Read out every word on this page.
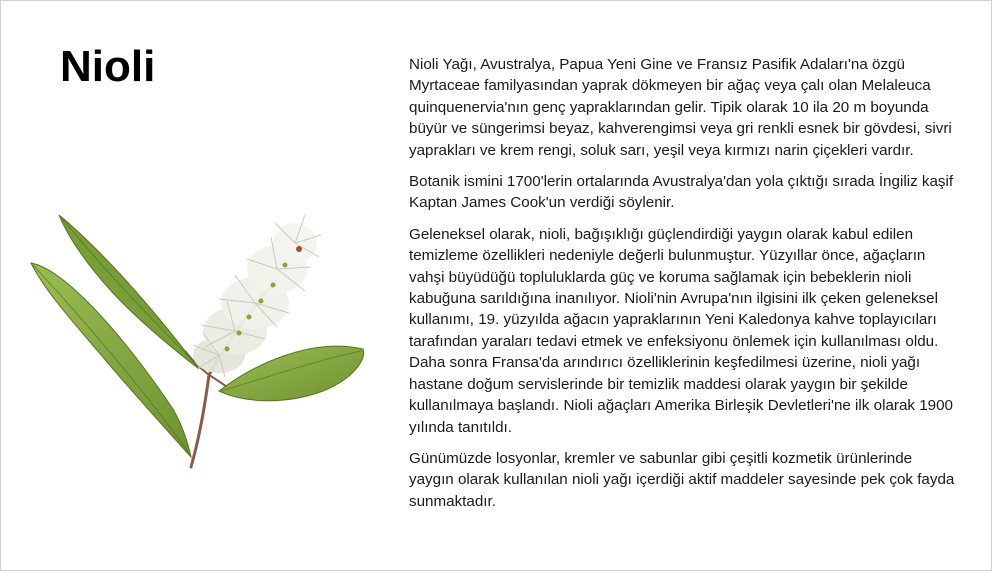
Nioli	Nioli Yağı, Avustralya, Papua Yeni Gine ve Fransız Pasifik Adaları'na özgü Myrtaceae familyasından yaprak dökmeyen bir ağaç veya çalı olan Melaleuca quinquenervia'nın genç yapraklarından gelir. Tipik olarak 10 ila 20 m boyunda büyür ve süngerimsi beyaz, kahverengimsi veya gri renkli esnek bir gövdesi, sivri yaprakları ve krem rengi, soluk sarı, yeşil veya kırmızı narin çiçekleri vardır.

Botanik ismini 1700'lerin ortalarında Avustralya'dan yola çıktığı sırada İngiliz kaşif Kaptan James Cook'un verdiği söylenir.

Geleneksel olarak, nioli, bağışıklığı güçlendirdiği yaygın olarak kabul edilen temizleme özellikleri nedeniyle değerli bulunmuştur. Yüzyıllar önce, ağaçların vahşi büyüdüğü topluluklarda güç ve koruma sağlamak için bebeklerin nioli kabuğuna sarıldığına inanılıyor. Nioli'nin Avrupa'nın ilgisini ilk çeken geleneksel kullanımı, 19. yüzyılda ağacın yapraklarının Yeni Kaledonya kahve toplayıcıları tarafından yaraları tedavi etmek ve enfeksiyonu önlemek için kullanılması oldu. Daha sonra Fransa'da arındırıcı özelliklerinin keşfedilmesi üzerine, nioli yağı hastane doğum servislerinde bir temizlik maddesi olarak yaygın bir şekilde kullanılmaya başlandı. Nioli ağaçları Amerika Birleşik Devletleri'ne ilk olarak 1900 yılında tanıtıldı.

Günümüzde losyonlar, kremler ve sabunlar gibi çeşitli kozmetik ürünlerinde yaygın olarak kullanılan nioli yağı içerdiği aktif maddeler sayesinde pek çok fayda sunmaktadır.
